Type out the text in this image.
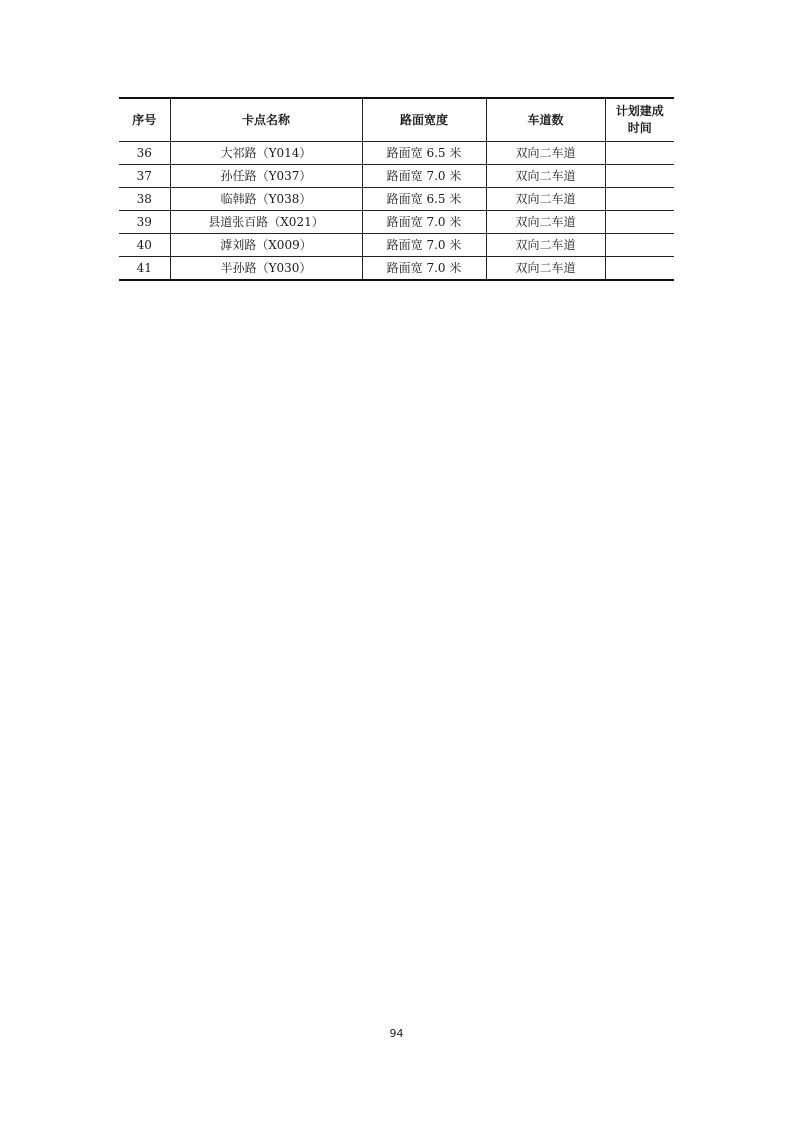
序号	卡点名称	路面宽度	车道数	计划建成时间
36	大祁路（Y014）	路面宽 6.5 米	双向二车道	
37	孙任路（Y037）	路面宽 7.0 米	双向二车道	
38	临韩路（Y038）	路面宽 6.5 米	双向二车道	
39	县道张百路（X021）	路面宽 7.0 米	双向二车道	
40	滹刘路（X009）	路面宽 7.0 米	双向二车道	
41	半孙路（Y030）	路面宽 7.0 米	双向二车道	
94
